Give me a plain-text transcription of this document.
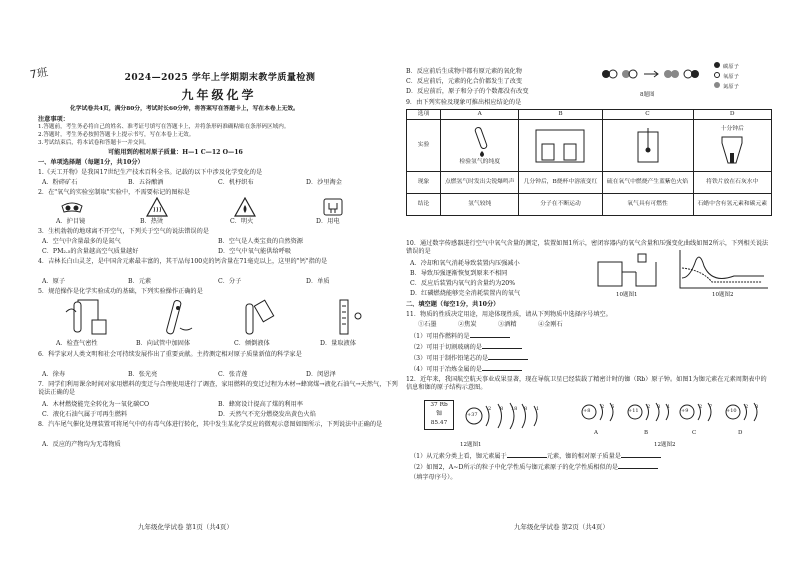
7班	2024—2025 学年上学期期末教学质量检测
九年级化学
化学试卷共4页，满分80分，考试时长60分钟，将答案写在答题卡上，写在本卷上无效。
注意事项：
1.答题前，考生务必将自己的姓名、准考证号填写在答题卡上，并将条形码准确粘贴在条形码区域内。
2.答题时，考生务必按照答题卡上提示书写，写在本卷上无效。
3.考试结束后，将本试卷和答题卡一并交回。
可能用到的相对原子质量：H—1 C—12 O—16
一、单项选择题（每题1分，共10分）
1.《天工开物》是我国17世纪生产技术百科全书。记载的以下中涉及化学变化的是
A．粉碎矿石	B．五谷酿酒	C．机杼织布	D．沙里淘金
2．在"氧气的实验室制取"实验中，不需要标记的图标是
A．护目镜	B．热烫	C．明火	D．用电
3．生机勃勃的地球离不开空气，下列关于空气的说法错误的是
A．空气中含量最多的是氮气	B．空气是人类宝贵的自然资源
C．PM₂.₅的含量越高空气质量越好	D．空气中氧气能供给呼吸
4．吉林长白山灵芝，是中国含元素最丰富的，其干品每100克的钙含量在71毫克以上，这里的"钙"指的是
A．原子	B．元素	C．分子	D．单质
5．规范操作是化学实验成功的基础，下列实验操作正确的是
A．检查气密性	B．向试管中加固体	C．倾倒液体	D．量取液体
6．科学家对人类文明和社会可持续发展作出了重要贡献。主持测定相对原子质量新值的科学家是
A．徐寿	B．张光亮	C．张青莲	D．闵恩泽
7．同学们利用课余时间对家用燃料的变迁与合理使用进行了调查，家用燃料的变迁过程为木材→蜂窝煤→液化石油气→天然气，下列说法正确的是
A．木材燃烧能完全转化为一氧化碳CO	B．蜂窝设计提高了煤的利用率
C．液化石油气属于可再生燃料	D．天然气不充分燃烧发出黄色火焰
8．汽车尾气催化处理装置可将尾气中的有毒气体进行转化，其中发生某化学反应的微观示意图如图所示，下列说法中正确的是
A．反应的产物均为无毒物质
九年级化学试卷 第1页（共4页）
B．反应前后生成物中都有原元素的氧化物
C．反应前后，元素的化合价都发生了改变
D．反应前后，原子和分子的个数都没有改变	8题图
碳原子
氧原子
氮原子
9．由下列实验及现象可推出相应结论的是
选项	A	B	C	D
实验	检验氢气的纯度			十分钟后

现象	点燃氢气时发出尖锐爆鸣声	几分钟后，B烧杯中溶液变红	硫在氧气中燃烧产生蓝紫色火焰	将铁片放在石灰水中
结论	氢气较纯	分子在不断运动	氧气具有可燃性	石蜡中含有氢元素和碳元素
10．通过数字传感器进行空气中氧气含量的测定，装置如图1所示，密闭容器内的氧气含量和压强变化曲线如图2所示，下列相关说法错误的是
A．冷却和氧气消耗导致装置内压强减小
B．导致压强逐渐恢复到原来不相同
C．反应后装置内氧气的含量约为20%
D．红磷燃烧能够完全消耗装置内的氧气	10题图1	10题图2
二、填空题（每空1分，共10分）
11．物质的性质决定用途，用途体现性质，请从下列物质中选择序号填空。
①石墨	②焦炭	③酒精	④金刚石
（1）可用作燃料的是
（2）可用于切割玻璃的是
（3）可用于制作铅笔芯的是
（4）可用于冶炼金属的是
12．近年来，我国航空航天事业成果显著，现在导航卫星已经装载了精密计时的铷（Rb）原子钟。如图1为铷元素在元素周期表中的信息和铷的原子结构示意图。
37 Rb
铷
85.47
+37
2 8 18 8 1	+8
2 6
A
+11
2 8 1
B
+9
2 7
C
+10
2 8
D
12题图1	12题图2
（1）从元素分类上看，铷元素属于	元素，铷的相对原子质量是
（2）如图2，A~D所示的粒子中化学性质与铷元素原子的化学性质相似的是
（填字母序号）。
九年级化学试卷 第2页（共4页）
